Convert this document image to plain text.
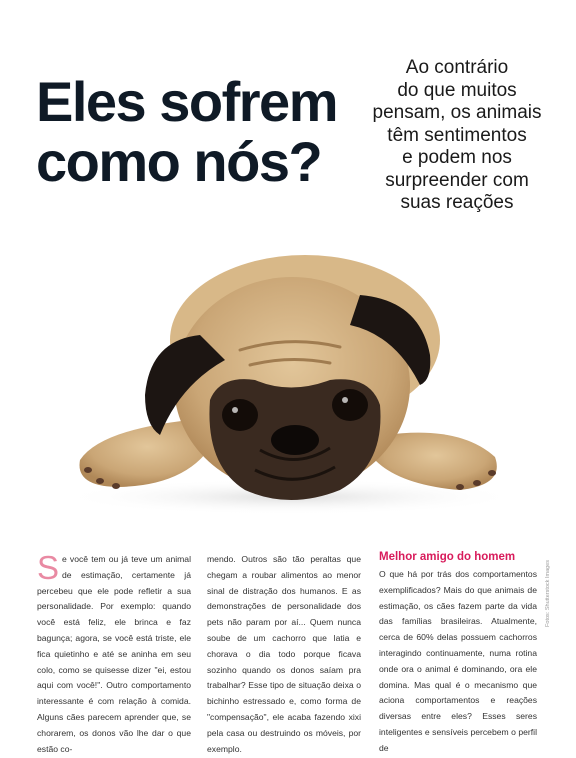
Eles sofrem
como nós?

Ao contrário
do que muitos
pensam, os animais
têm sentimentos
e podem nos
surpreender com
suas reações

Se você tem ou já teve um animal de estimação, certamente já percebeu que ele pode refletir a sua personalidade. Por exemplo: quando você está feliz, ele brinca e faz bagunça; agora, se você está triste, ele fica quietinho e até se aninha em seu colo, como se quisesse dizer "ei, estou aqui com você!". Outro comportamento interessante é com relação à comida. Alguns cães parecem aprender que, se chorarem, os donos vão lhe dar o que estão co-
mendo. Outros são tão peraltas que chegam a roubar alimentos ao menor sinal de distração dos humanos. E as demonstrações de personalidade dos pets não param por aí... Quem nunca soube de um cachorro que latia e chorava o dia todo porque ficava sozinho quando os donos saíam pra trabalhar? Esse tipo de situação deixa o bichinho estressado e, como forma de "compensação", ele acaba fazendo xixi pela casa ou destruindo os móveis, por exemplo.
Melhor amigo do homem
O que há por trás dos comportamentos exemplificados? Mais do que animais de estimação, os cães fazem parte da vida das famílias brasileiras. Atualmente, cerca de 60% delas possuem cachorros interagindo continuamente, numa rotina onde ora o animal é dominando, ora ele domina. Mas qual é o mecanismo que aciona comportamentos e reações diversas entre eles? Esses seres inteligentes e sensíveis percebem o perfil de
Fotos: Shutterstock Images
